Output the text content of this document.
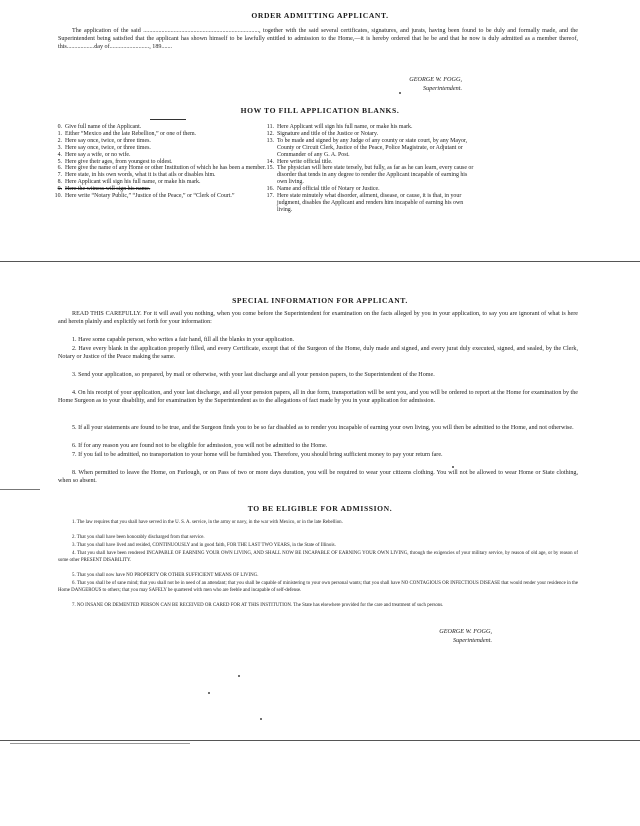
ORDER ADMITTING APPLICANT.
The application of the said ............................................................................, together with the said several certificates, signatures, and jurats, having been found to be duly and formally made, and the Superintendent being satisfied that the applicant has shown himself to be lawfully entitled to admission to the Home,—it is hereby ordered that he be and that he now is duly admitted as a member thereof, this..................day of.........................., 189.......
GEORGE W. FOGG,
Superintendent.
HOW TO FILL APPLICATION BLANKS.
0. Give full name of the Applicant.
1. Either “Mexico and the late Rebellion,” or one of them.
2. Here say once, twice, or three times.
3. Here say once, twice, or three times.
4. Here say a wife, or no wife.
5. Here give their ages, from youngest to oldest.
6. Here give the name of any Home or other Institution of which he has been a member.
7. Here state, in his own words, what it is that ails or disables him.
8. Here Applicant will sign his full name, or make his mark.
9. Here the witness will sign his name.
10. Here write “Notary Public,” “Justice of the Peace,” or “Clerk of Court.”
11. Here Applicant will sign his full name, or make his mark.
12. Signature and title of the Justice or Notary.
13. To be made and signed by any Judge of any county or state court, by any Mayor, County or Circuit Clerk, Justice of the Peace, Police Magistrate, or Adjutant or Commander of any G. A. Post.
14. Here write official title.
15. The physician will here state tersely, but fully, as far as he can learn, every cause or disorder that tends in any degree to render the Applicant incapable of earning his own living.
16. Name and official title of Notary or Justice.
17. Here state minutely what disorder, ailment, disease, or cause, it is that, in your judgment, disables the Applicant and renders him incapable of earning his own living.
SPECIAL INFORMATION FOR APPLICANT.
READ THIS CAREFULLY. For it will avail you nothing, when you come before the Superintendent for examination on the facts alleged by you in your application, to say you are ignorant of what is here and herein plainly and explicitly set forth for your information:
1. Have some capable person, who writes a fair hand, fill all the blanks in your application.
2. Have every blank in the application properly filled, and every Certificate, except that of the Surgeon of the Home, duly made and signed, and every jurat duly executed, signed, and sealed, by the Clerk, Notary or Justice of the Peace making the same.
3. Send your application, so prepared, by mail or otherwise, with your last discharge and all your pension papers, to the Superintendent of the Home.
4. On his receipt of your application, and your last discharge, and all your pension papers, all in due form, transportation will be sent you, and you will be ordered to report at the Home for examination by the Home Surgeon as to your disability, and for examination by the Superintendent as to the allegations of fact made by you in your application for admission.
5. If all your statements are found to be true, and the Surgeon finds you to be so far disabled as to render you incapable of earning your own living, you will then be admitted to the Home, and not otherwise.
6. If for any reason you are found not to be eligible for admission, you will not be admitted to the Home.
7. If you fail to be admitted, no transportation to your home will be furnished you. Therefore, you should bring sufficient money to pay your return fare.
8. When permitted to leave the Home, on Furlough, or on Pass of two or more days duration, you will be required to wear your citizens clothing. You will not be allowed to wear Home or State clothing, when so absent.
TO BE ELIGIBLE FOR ADMISSION.
1. The law requires that you shall have served in the U. S. A. service, in the army or navy, in the war with Mexico, or in the late Rebellion.
2. That you shall have been honorably discharged from that service.
3. That you shall have lived and resided, CONTINUOUSLY and in good faith, FOR THE LAST TWO YEARS, in the State of Illinois.
4. That you shall have been rendered INCAPABLE OF EARNING YOUR OWN LIVING, AND SHALL NOW BE INCAPABLE OF EARNING YOUR OWN LIVING, through the exigencies of your military service, by reason of old age, or by reason of some other PRESENT DISABILITY.
5. That you shall now have NO PROPERTY OR OTHER SUFFICIENT MEANS OF LIVING.
6. That you shall be of sane mind; that you shall not be in need of an attendant; that you shall be capable of ministering to your own personal wants; that you shall have NO CONTAGIOUS OR INFECTIOUS DISEASE that would render your residence in the Home DANGEROUS to others; that you may SAFELY be quartered with men who are feeble and incapable of self-defense.
7. NO INSANE OR DEMENTED PERSON CAN BE RECEIVED OR CARED FOR AT THIS INSTITUTION. The State has elsewhere provided for the care and treatment of such persons.
GEORGE W. FOGG,
Superintendent.
